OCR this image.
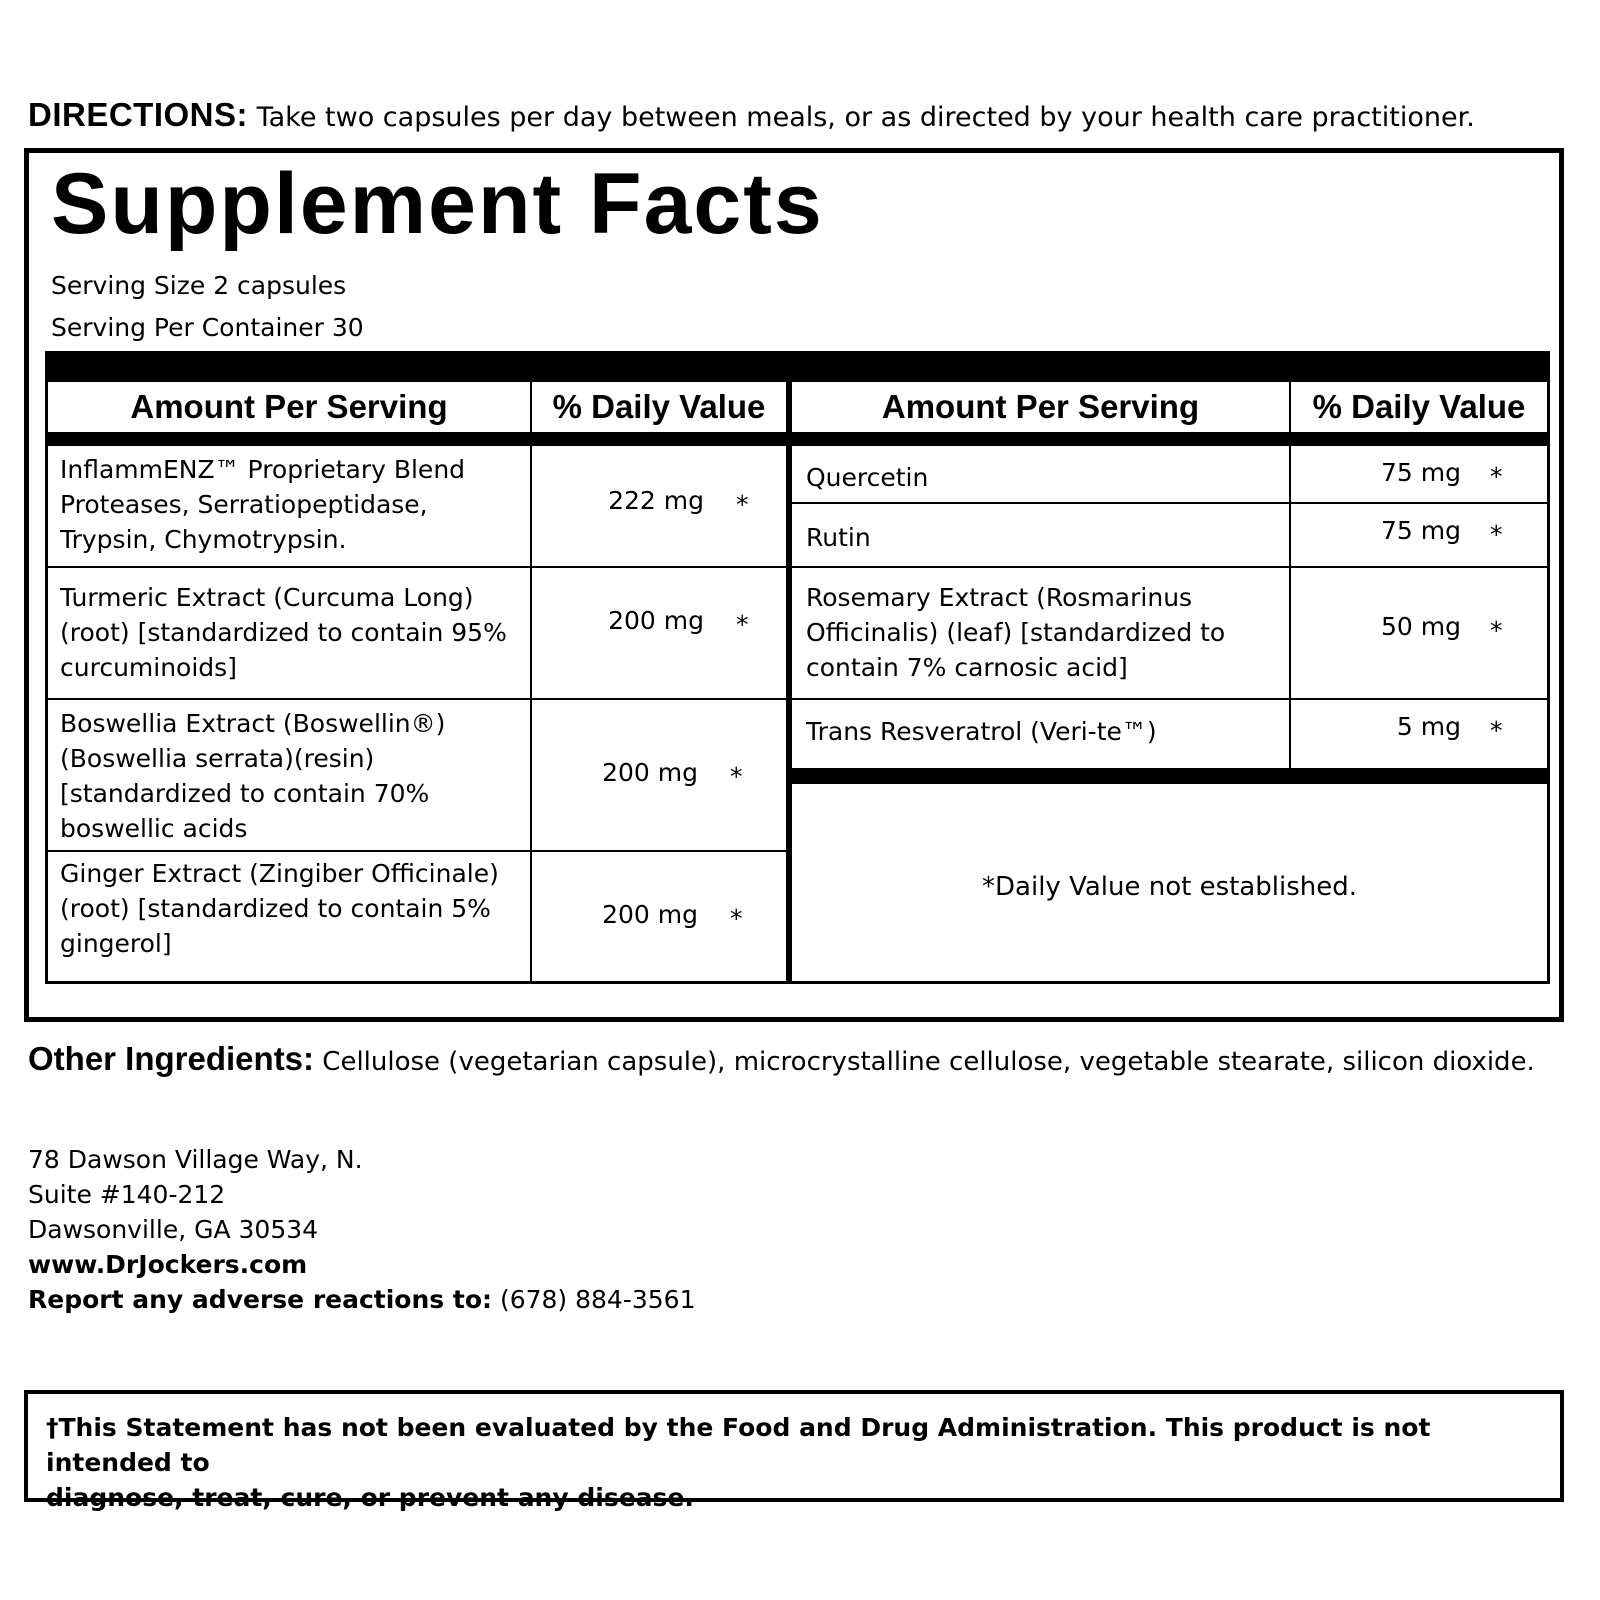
DIRECTIONS: Take two capsules per day between meals, or as directed by your health care practitioner.
Supplement Facts
Serving Size 2 capsules
Serving Per Container 30
Amount Per Serving	% Daily Value
InflammENZ™ Proprietary Blend
Proteases, Serratiopeptidase,
Trypsin, Chymotrypsin.
222 mg *
Turmeric Extract (Curcuma Long)
(root) [standardized to contain 95%
curcuminoids]
200 mg *
Boswellia Extract (Boswellin®)
(Boswellia serrata)(resin)
[standardized to contain 70%
boswellic acids
200 mg *
Ginger Extract (Zingiber Officinale)
(root) [standardized to contain 5%
gingerol]
200 mg *
Amount Per Serving	% Daily Value
Quercetin	75 mg *
Rutin	75 mg *
Rosemary Extract (Rosmarinus
Officinalis) (leaf) [standardized to
contain 7% carnosic acid]
50 mg *
Trans Resveratrol (Veri-te™)	5 mg *
*Daily Value not established.
Other Ingredients: Cellulose (vegetarian capsule), microcrystalline cellulose, vegetable stearate, silicon dioxide.
78 Dawson Village Way, N.
Suite #140-212
Dawsonville, GA 30534
www.DrJockers.com
Report any adverse reactions to: (678) 884-3561
†This Statement has not been evaluated by the Food and Drug Administration. This product is not intended to
diagnose, treat, cure, or prevent any disease.
